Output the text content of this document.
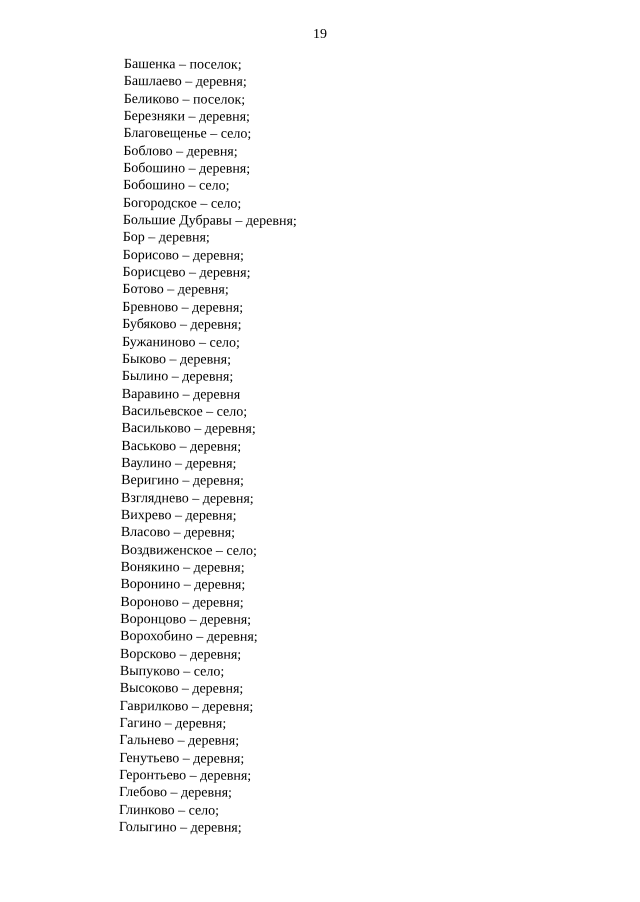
19
Башенка – поселок;
Башлаево – деревня;
Беликово – поселок;
Березняки – деревня;
Благовещенье – село;
Боблово – деревня;
Бобошино – деревня;
Бобошино – село;
Богородское – село;
Большие Дубравы – деревня;
Бор – деревня;
Борисово – деревня;
Борисцево – деревня;
Ботово – деревня;
Бревново – деревня;
Бубяково – деревня;
Бужаниново – село;
Быково – деревня;
Былино – деревня;
Варавино – деревня
Васильевское – село;
Васильково – деревня;
Васьково – деревня;
Ваулино – деревня;
Веригино – деревня;
Взгляднево – деревня;
Вихрево – деревня;
Власово – деревня;
Воздвиженское – село;
Вонякино – деревня;
Воронино – деревня;
Вороново – деревня;
Воронцово – деревня;
Ворохобино – деревня;
Ворсково – деревня;
Выпуково – село;
Высоково – деревня;
Гаврилково – деревня;
Гагино – деревня;
Гальнево – деревня;
Генутьево – деревня;
Геронтьево – деревня;
Глебово – деревня;
Глинково – село;
Голыгино – деревня;
